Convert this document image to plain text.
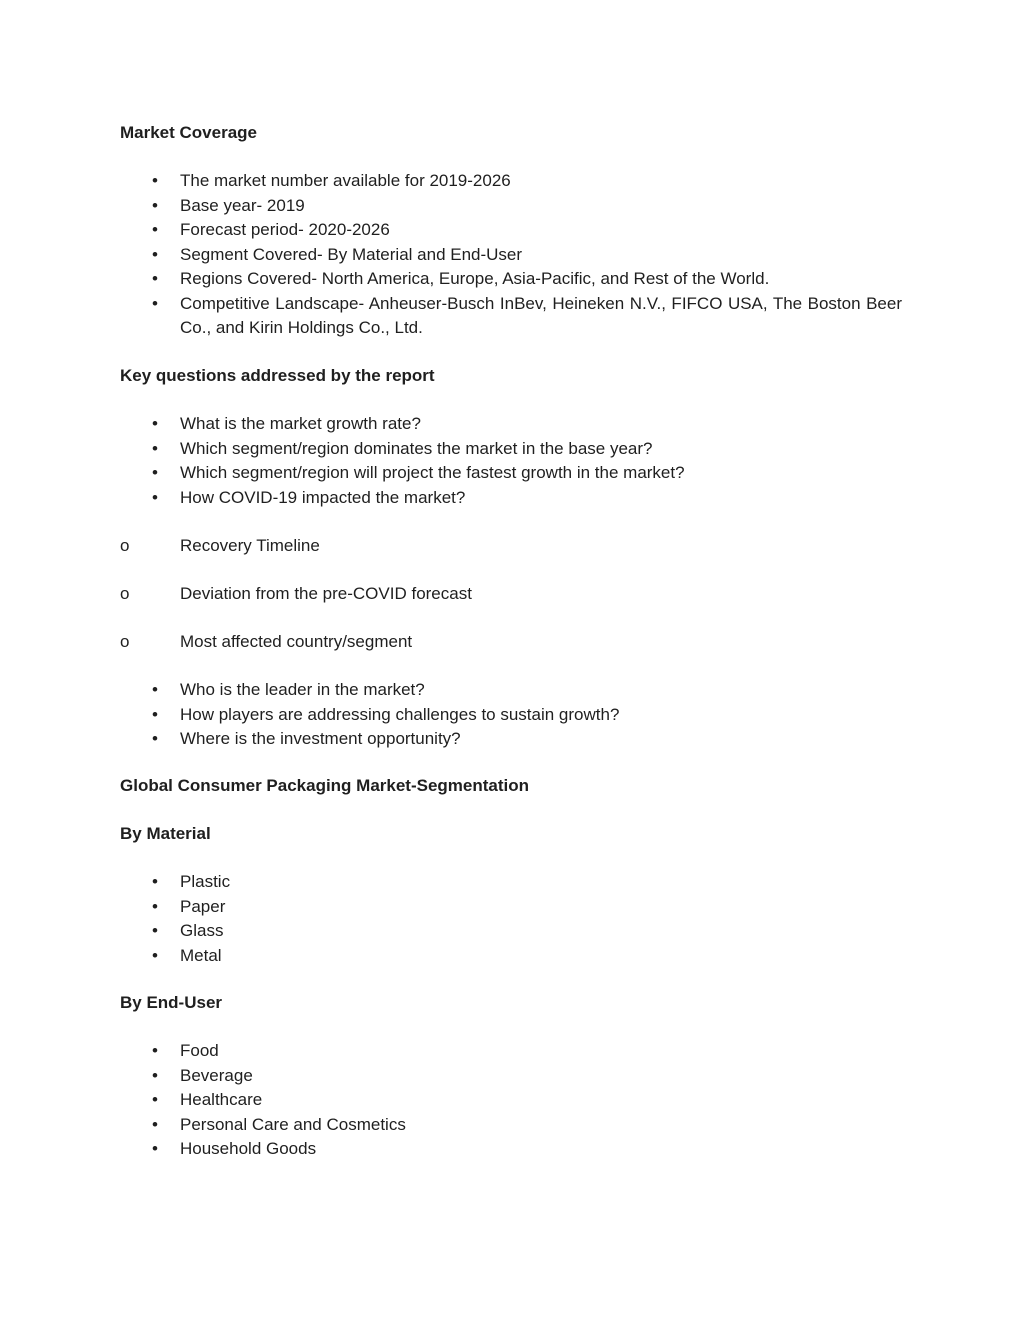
Market Coverage

• The market number available for 2019-2026

• Base year- 2019

• Forecast period- 2020-2026

• Segment Covered- By Material and End-User

• Regions Covered- North America, Europe, Asia-Pacific, and Rest of the World.

• Competitive Landscape- Anheuser-Busch InBev, Heineken N.V., FIFCO USA, The Boston Beer Co., and Kirin Holdings Co., Ltd.

Key questions addressed by the report

• What is the market growth rate?

• Which segment/region dominates the market in the base year?

• Which segment/region will project the fastest growth in the market?

• How COVID-19 impacted the market?

o	Recovery Timeline
o	Deviation from the pre-COVID forecast
o	Most affected country/segment

• Who is the leader in the market?

• How players are addressing challenges to sustain growth?

• Where is the investment opportunity?

Global Consumer Packaging Market-Segmentation

By Material

• Plastic

• Paper

• Glass

• Metal

By End-User

• Food

• Beverage

• Healthcare

• Personal Care and Cosmetics

• Household Goods
